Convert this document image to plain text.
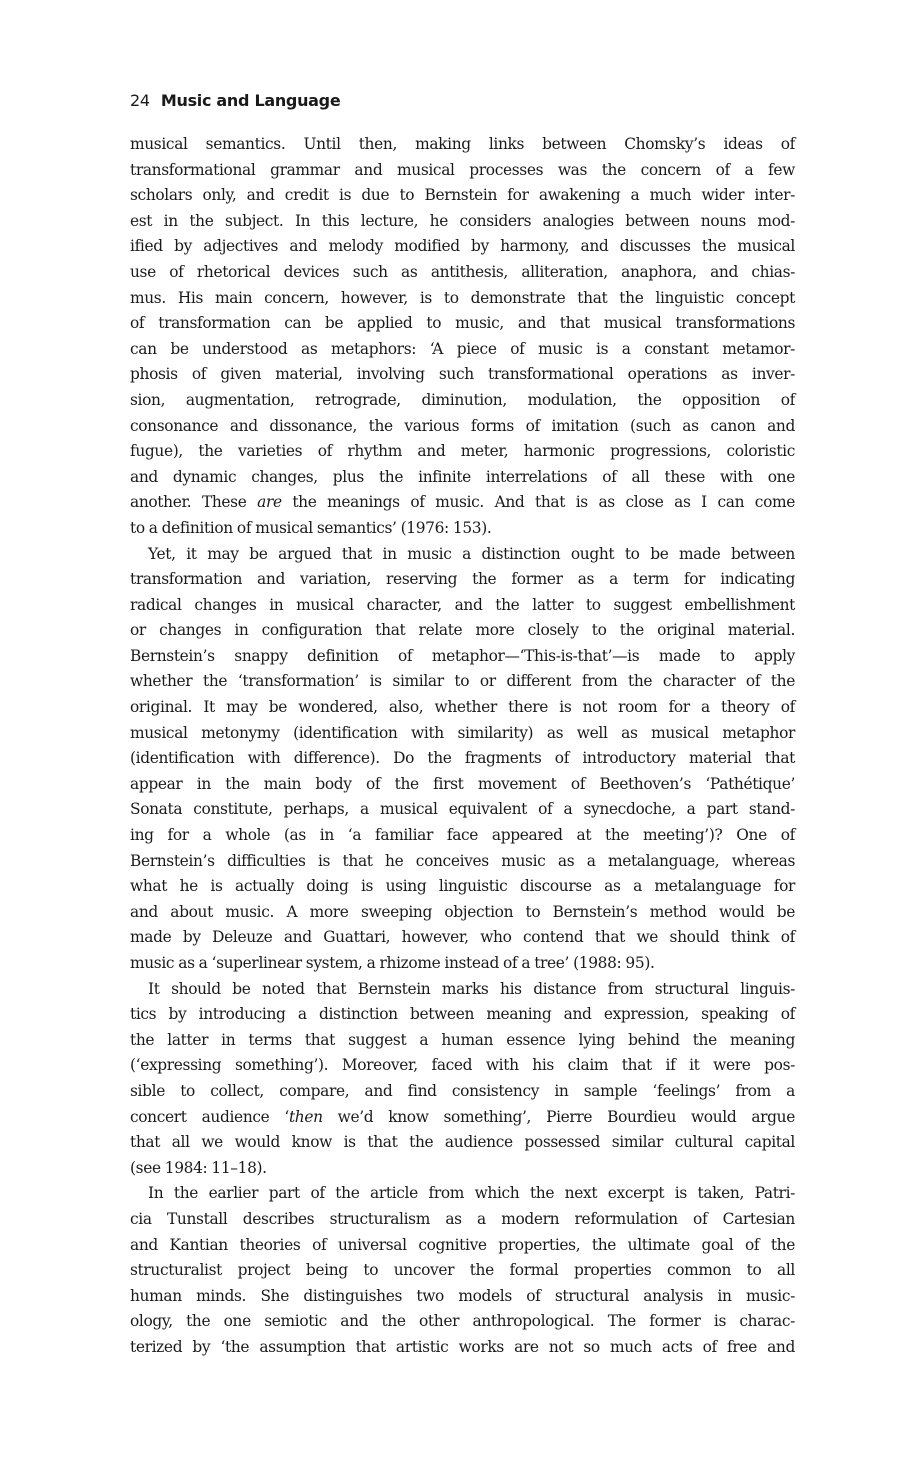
24 Music and Language
musical semantics. Until then, making links between Chomsky’s ideas of
transformational grammar and musical processes was the concern of a few
scholars only, and credit is due to Bernstein for awakening a much wider inter-
est in the subject. In this lecture, he considers analogies between nouns mod-
ified by adjectives and melody modified by harmony, and discusses the musical
use of rhetorical devices such as antithesis, alliteration, anaphora, and chias-
mus. His main concern, however, is to demonstrate that the linguistic concept
of transformation can be applied to music, and that musical transformations
can be understood as metaphors: ‘A piece of music is a constant metamor-
phosis of given material, involving such transformational operations as inver-
sion, augmentation, retrograde, diminution, modulation, the opposition of
consonance and dissonance, the various forms of imitation (such as canon and
fugue), the varieties of rhythm and meter, harmonic progressions, coloristic
and dynamic changes, plus the infinite interrelations of all these with one
another. These are the meanings of music. And that is as close as I can come
to a definition of musical semantics’ (1976: 153).
Yet, it may be argued that in music a distinction ought to be made between
transformation and variation, reserving the former as a term for indicating
radical changes in musical character, and the latter to suggest embellishment
or changes in configuration that relate more closely to the original material.
Bernstein’s snappy definition of metaphor—‘This-is-that’—is made to apply
whether the ‘transformation’ is similar to or different from the character of the
original. It may be wondered, also, whether there is not room for a theory of
musical metonymy (identification with similarity) as well as musical metaphor
(identification with difference). Do the fragments of introductory material that
appear in the main body of the first movement of Beethoven’s ‘Pathétique’
Sonata constitute, perhaps, a musical equivalent of a synecdoche, a part stand-
ing for a whole (as in ‘a familiar face appeared at the meeting’)? One of
Bernstein’s difficulties is that he conceives music as a metalanguage, whereas
what he is actually doing is using linguistic discourse as a metalanguage for
and about music. A more sweeping objection to Bernstein’s method would be
made by Deleuze and Guattari, however, who contend that we should think of
music as a ‘superlinear system, a rhizome instead of a tree’ (1988: 95).
It should be noted that Bernstein marks his distance from structural linguis-
tics by introducing a distinction between meaning and expression, speaking of
the latter in terms that suggest a human essence lying behind the meaning
(‘expressing something’). Moreover, faced with his claim that if it were pos-
sible to collect, compare, and find consistency in sample ‘feelings’ from a
concert audience ‘then we’d know something’, Pierre Bourdieu would argue
that all we would know is that the audience possessed similar cultural capital
(see 1984: 11–18).
In the earlier part of the article from which the next excerpt is taken, Patri-
cia Tunstall describes structuralism as a modern reformulation of Cartesian
and Kantian theories of universal cognitive properties, the ultimate goal of the
structuralist project being to uncover the formal properties common to all
human minds. She distinguishes two models of structural analysis in music-
ology, the one semiotic and the other anthropological. The former is charac-
terized by ‘the assumption that artistic works are not so much acts of free and
